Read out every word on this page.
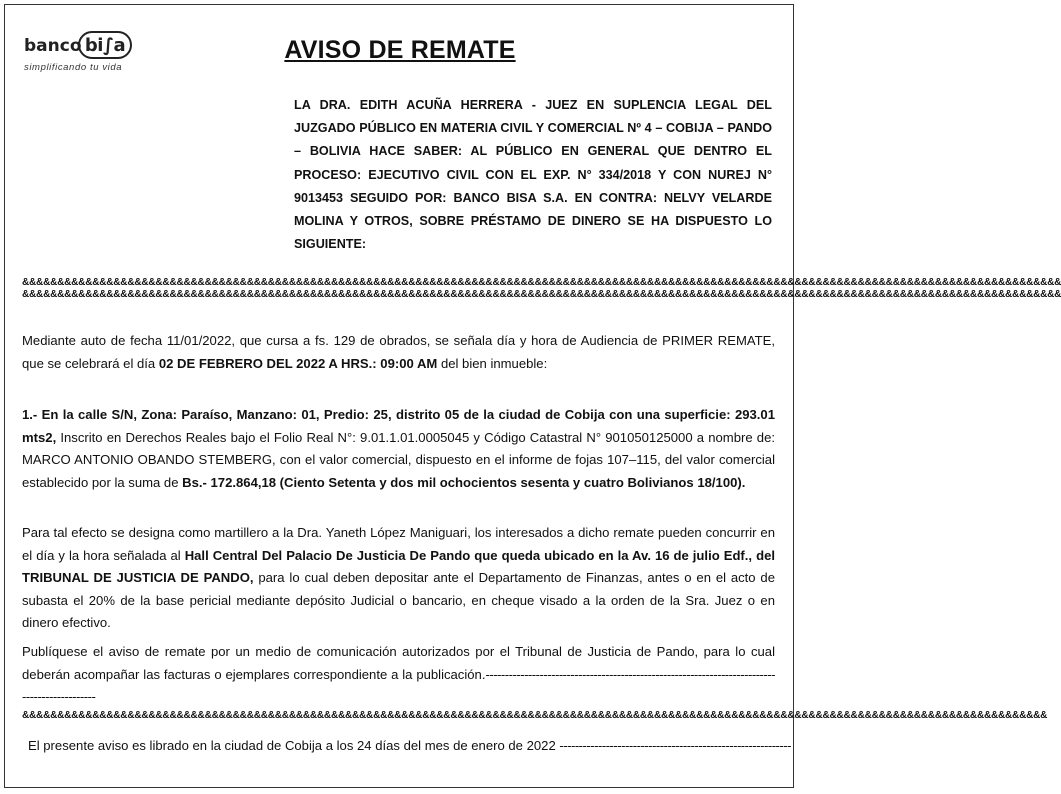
banco bi∫a
simplificando tu vida
AVISO DE REMATE
LA DRA. EDITH ACUÑA HERRERA - JUEZ EN SUPLENCIA LEGAL DEL JUZGADO PÚBLICO EN MATERIA CIVIL Y COMERCIAL Nº 4 – COBIJA – PANDO – BOLIVIA HACE SABER: AL PÚBLICO EN GENERAL QUE DENTRO EL PROCESO: EJECUTIVO CIVIL CON EL EXP. N° 334/2018 Y CON NUREJ N° 9013453 SEGUIDO POR: BANCO BISA S.A. EN CONTRA: NELVY VELARDE MOLINA Y OTROS, SOBRE PRÉSTAMO DE DINERO SE HA DISPUESTO LO SIGUIENTE:
&&&&&&&&&&&&&&&&&&&&&&&&&&&&&&&&&&&&&&&&&&&&&&&&&&&&&&&&&&&&&&&&&&&&&&&&&&&&&&&&&&&&&&&&&&&&&&&&&&&&&&&&&&&&&&&&&&&&&&&&&&&&&&&&&&&&&&&&&&&&&&&&&&&&
&&&&&&&&&&&&&&&&&&&&&&&&&&&&&&&&&&&&&&&&&&&&&&&&&&&&&&&&&&&&&&&&&&&&&&&&&&&&&&&&&&&&&&&&&&&&&&&&&&&&&&&&&&&&&&&&&&&&&&&&&&&&&&&&&&&&&&&&&&&&&&&&&&&&
Mediante auto de fecha 11/01/2022, que cursa a fs. 129 de obrados, se señala día y hora de Audiencia de PRIMER REMATE, que se celebrará el día 02 DE FEBRERO DEL 2022 A HRS.: 09:00 AM del bien inmueble:
1.- En la calle S/N, Zona: Paraíso, Manzano: 01, Predio: 25, distrito 05 de la ciudad de Cobija con una superficie: 293.01 mts2, Inscrito en Derechos Reales bajo el Folio Real N°: 9.01.1.01.0005045 y Código Catastral N° 901050125000 a nombre de: MARCO ANTONIO OBANDO STEMBERG, con el valor comercial, dispuesto en el informe de fojas 107–115, del valor comercial establecido por la suma de Bs.- 172.864,18 (Ciento Setenta y dos mil ochocientos sesenta y cuatro Bolivianos 18/100).
Para tal efecto se designa como martillero a la Dra. Yaneth López Maniguari, los interesados a dicho remate pueden concurrir en el día y la hora señalada al Hall Central Del Palacio De Justicia De Pando que queda ubicado en la Av. 16 de julio Edf., del TRIBUNAL DE JUSTICIA DE PANDO, para lo cual deben depositar ante el Departamento de Finanzas, antes o en el acto de subasta el 20% de la base pericial mediante depósito Judicial o bancario, en cheque visado a la orden de la Sra. Juez o en dinero efectivo.
Publíquese el aviso de remate por un medio de comunicación autorizados por el Tribunal de Justicia de Pando, para lo cual deberán acompañar las facturas o ejemplares correspondiente a la publicación.----------------------------------------------------------------------------------------------
&&&&&&&&&&&&&&&&&&&&&&&&&&&&&&&&&&&&&&&&&&&&&&&&&&&&&&&&&&&&&&&&&&&&&&&&&&&&&&&&&&&&&&&&&&&&&&&&&&&&&&&&&&&&&&&&&&&&&&&&&&&&&&&&&&&&&&&&&&&&&&&&&&
El presente aviso es librado en la ciudad de Cobija a los 24 días del mes de enero de 2022 ------------------------------------------------------------
